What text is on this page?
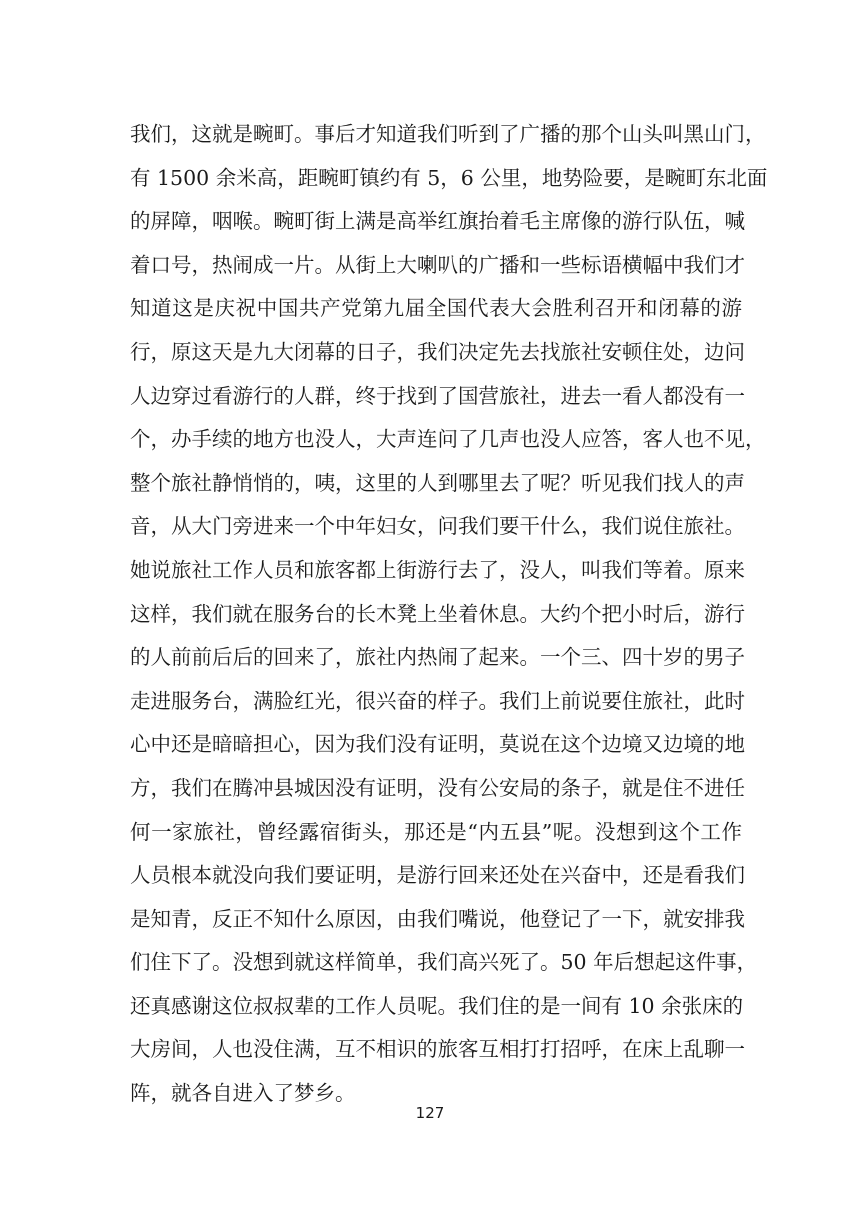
我们，这就是畹町。事后才知道我们听到了广播的那个山头叫黑山门，
有 1500 余米高，距畹町镇约有 5，6 公里，地势险要，是畹町东北面
的屏障，咽喉。畹町街上满是高举红旗抬着毛主席像的游行队伍，喊
着口号，热闹成一片。从街上大喇叭的广播和一些标语横幅中我们才
知道这是庆祝中国共产党第九届全国代表大会胜利召开和闭幕的游
行，原这天是九大闭幕的日子，我们决定先去找旅社安顿住处，边问
人边穿过看游行的人群，终于找到了国营旅社，进去一看人都没有一
个，办手续的地方也没人，大声连问了几声也没人应答，客人也不见，
整个旅社静悄悄的，咦，这里的人到哪里去了呢？听见我们找人的声
音，从大门旁进来一个中年妇女，问我们要干什么，我们说住旅社。
她说旅社工作人员和旅客都上街游行去了，没人，叫我们等着。原来
这样，我们就在服务台的长木凳上坐着休息。大约个把小时后，游行
的人前前后后的回来了，旅社内热闹了起来。一个三、四十岁的男子
走进服务台，满脸红光，很兴奋的样子。我们上前说要住旅社，此时
心中还是暗暗担心，因为我们没有证明，莫说在这个边境又边境的地
方，我们在腾冲县城因没有证明，没有公安局的条子，就是住不进任
何一家旅社，曾经露宿街头，那还是“内五县”呢。没想到这个工作
人员根本就没向我们要证明，是游行回来还处在兴奋中，还是看我们
是知青，反正不知什么原因，由我们嘴说，他登记了一下，就安排我
们住下了。没想到就这样简单，我们高兴死了。50 年后想起这件事，
还真感谢这位叔叔辈的工作人员呢。我们住的是一间有 10 余张床的
大房间，人也没住满，互不相识的旅客互相打打招呼，在床上乱聊一
阵，就各自进入了梦乡。
127
